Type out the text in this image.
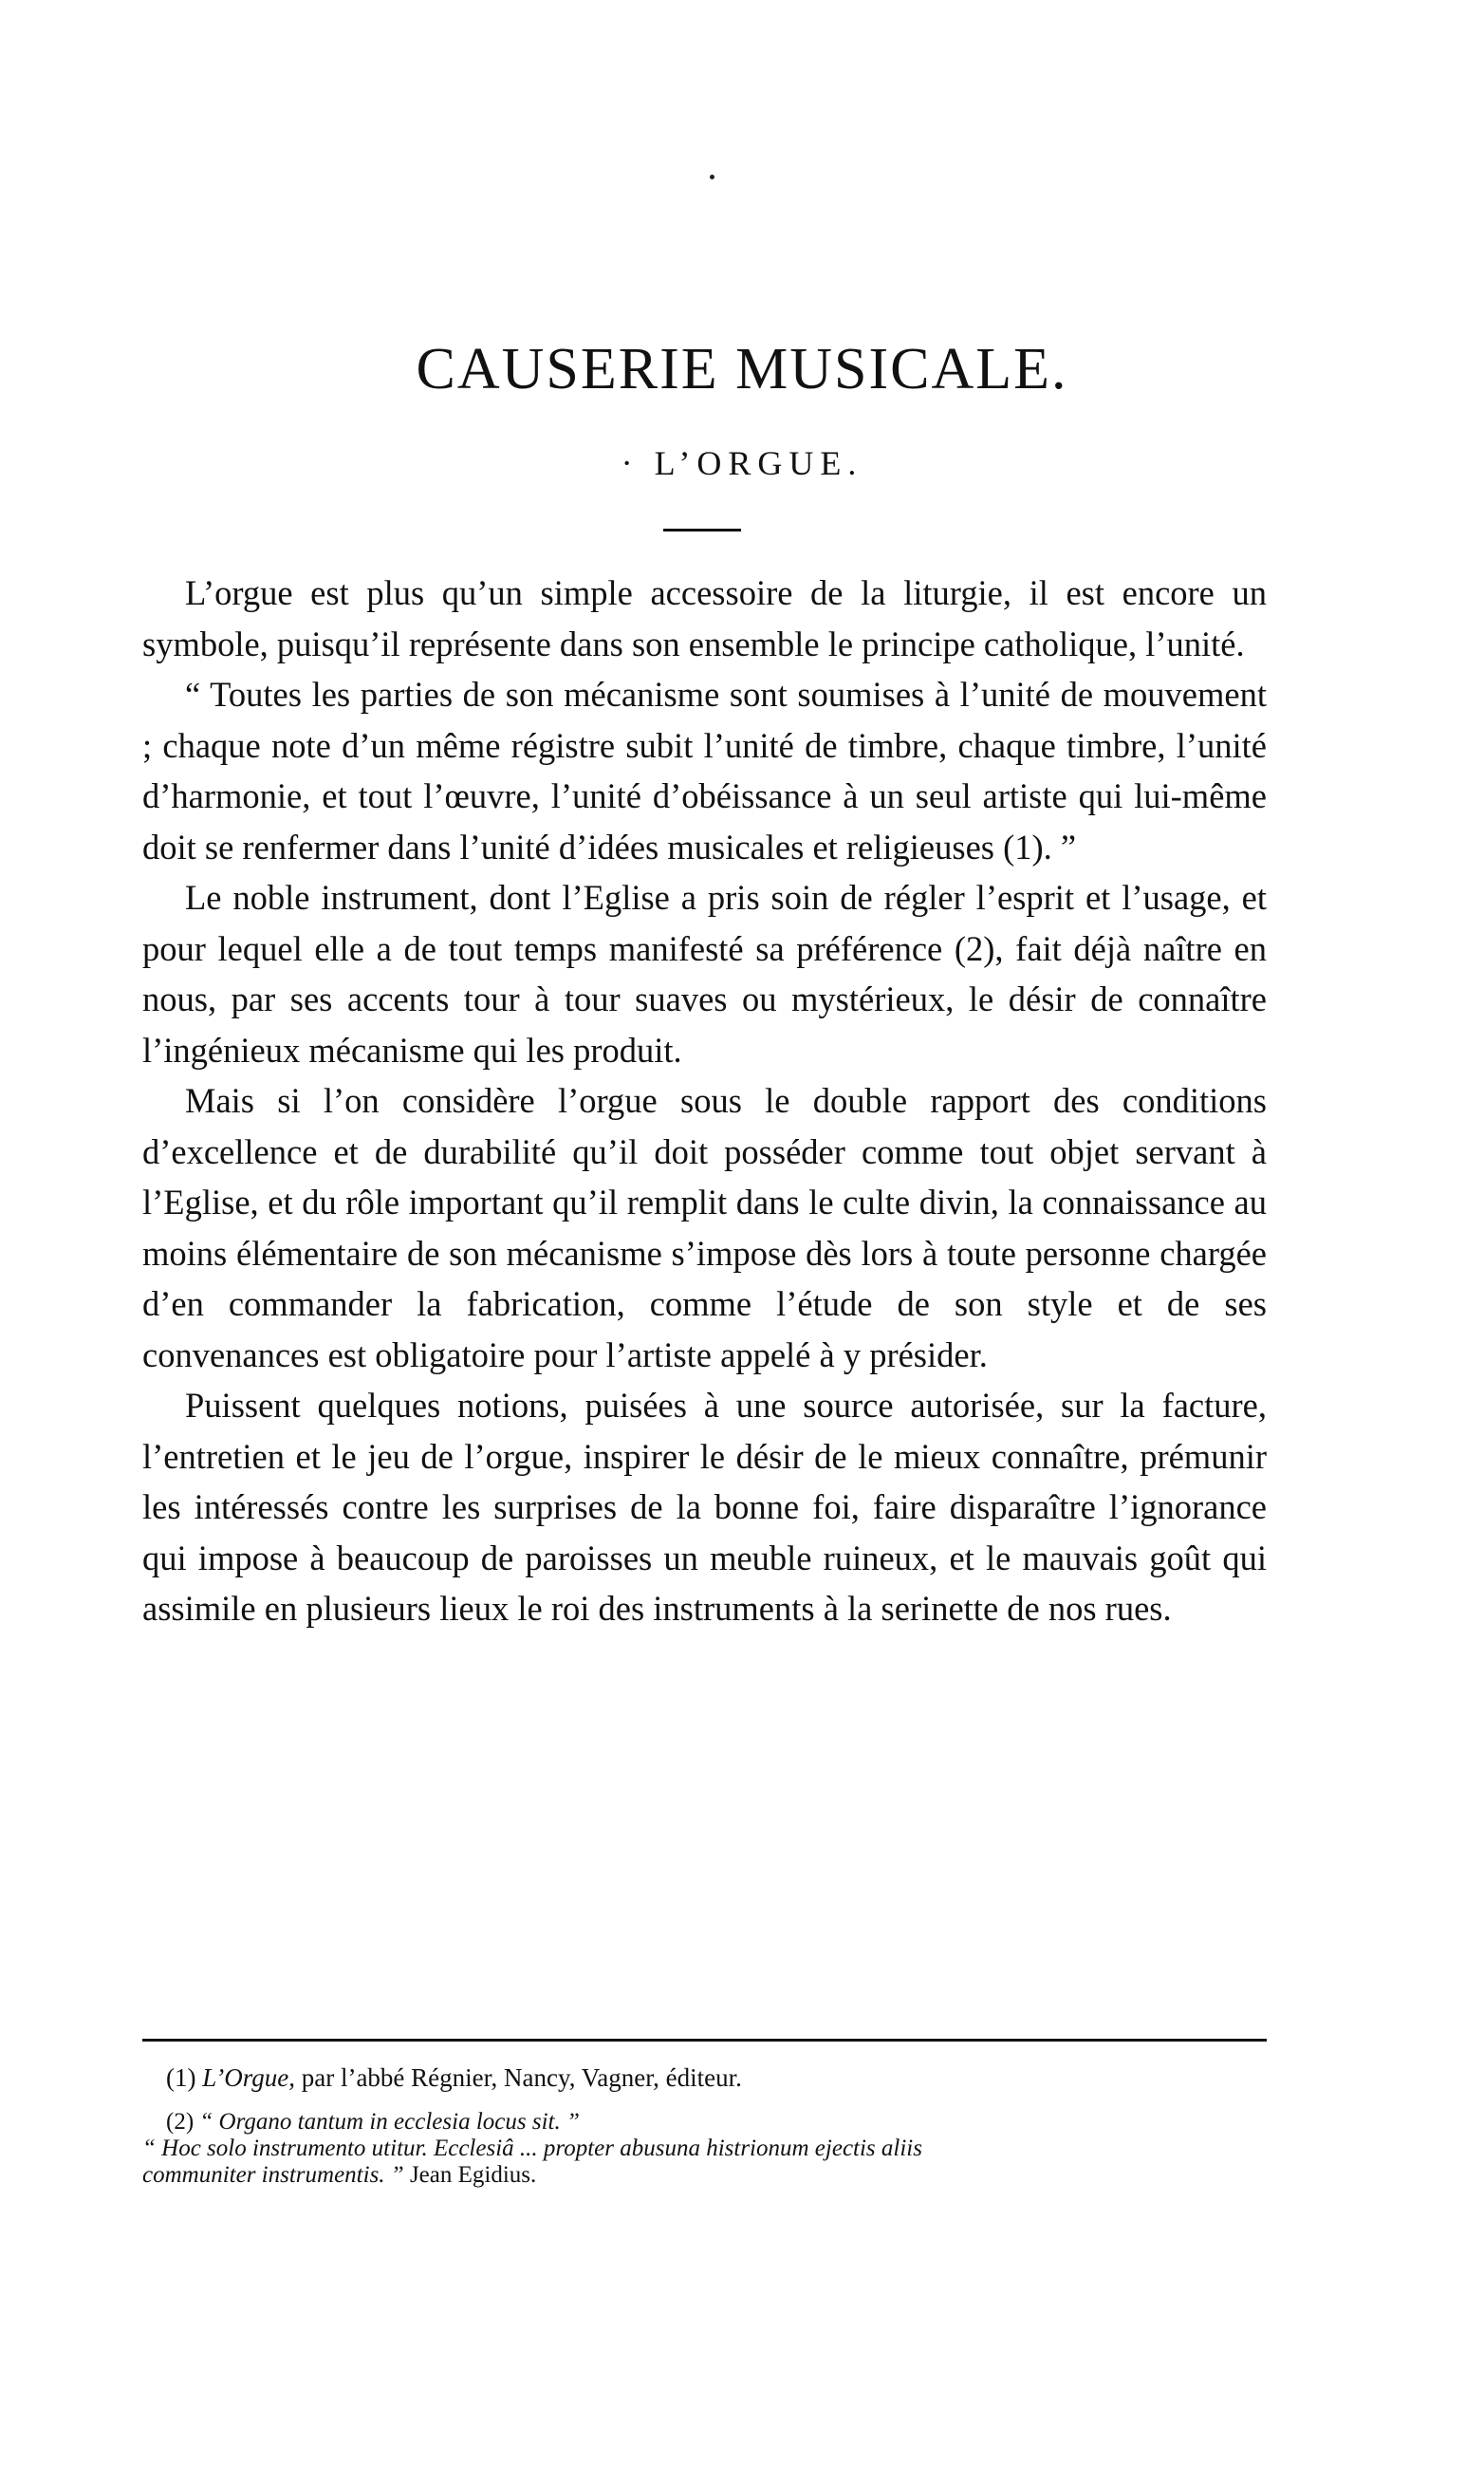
CAUSERIE MUSICALE.
· L’ORGUE.

L’orgue est plus qu’un simple accessoire de la liturgie, il est encore un symbole, puisqu’il représente dans son ensemble le principe catholique, l’unité.

“ Toutes les parties de son mécanisme sont soumises à l’unité de mouvement ; chaque note d’un même régistre subit l’unité de timbre, chaque timbre, l’unité d’harmonie, et tout l’œuvre, l’unité d’obéissance à un seul artiste qui lui-même doit se renfermer dans l’unité d’idées musicales et religieuses (1). ”

Le noble instrument, dont l’Eglise a pris soin de régler l’esprit et l’usage, et pour lequel elle a de tout temps manifesté sa préférence (2), fait déjà naître en nous, par ses accents tour à tour suaves ou mystérieux, le désir de connaître l’ingénieux mécanisme qui les produit.

Mais si l’on considère l’orgue sous le double rapport des conditions d’excellence et de durabilité qu’il doit posséder comme tout objet servant à l’Eglise, et du rôle important qu’il remplit dans le culte divin, la connaissance au moins élémentaire de son mécanisme s’impose dès lors à toute personne chargée d’en commander la fabrication, comme l’étude de son style et de ses convenances est obligatoire pour l’artiste appelé à y présider.

Puissent quelques notions, puisées à une source autorisée, sur la facture, l’entretien et le jeu de l’orgue, inspirer le désir de le mieux connaître, prémunir les intéressés contre les surprises de la bonne foi, faire disparaître l’ignorance qui impose à beaucoup de paroisses un meuble ruineux, et le mauvais goût qui assimile en plusieurs lieux le roi des instruments à la serinette de nos rues.

(1) L’Orgue, par l’abbé Régnier, Nancy, Vagner, éditeur.
(2) “ Organo tantum in ecclesia locus sit. ”
“ Hoc solo instrumento utitur. Ecclesiâ ... propter abusuna histrionum ejectis aliis
communiter instrumentis. ” Jean Egidius.
